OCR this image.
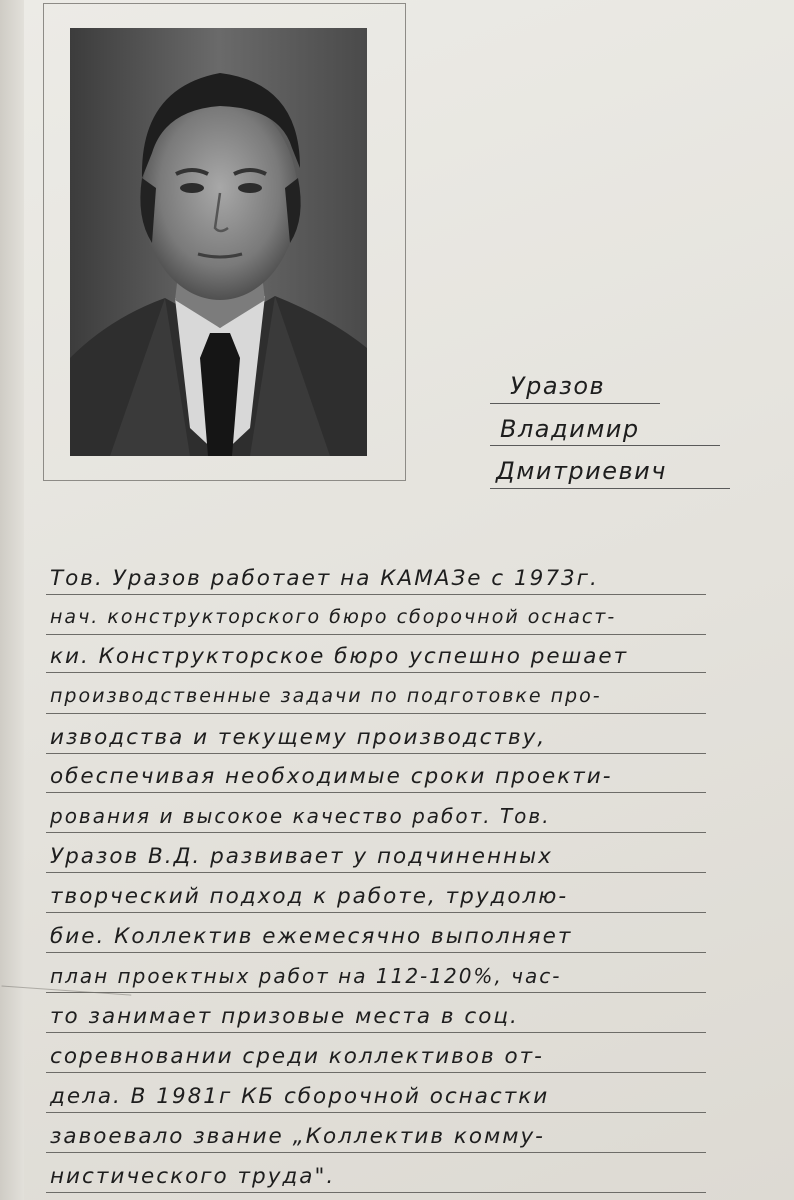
Уразов
Владимир
Дмитриевич
Тов. Уразов работает на КАМАЗе с 1973г.
нач. конструкторского бюро сборочной оснаст-
ки. Конструкторское бюро успешно решает
производственные задачи по подготовке про-
изводства и текущему производству,
обеспечивая необходимые сроки проекти-
рования и высокое качество работ. Тов.
Уразов В.Д. развивает у подчиненных
творческий подход к работе, трудолю-
бие. Коллектив ежемесячно выполняет
план проектных работ на 112-120%, час-
то занимает призовые места в соц.
соревновании среди коллективов от-
дела. В 1981г КБ сборочной оснастки
завоевало звание „Коллектив комму-
нистического труда".
